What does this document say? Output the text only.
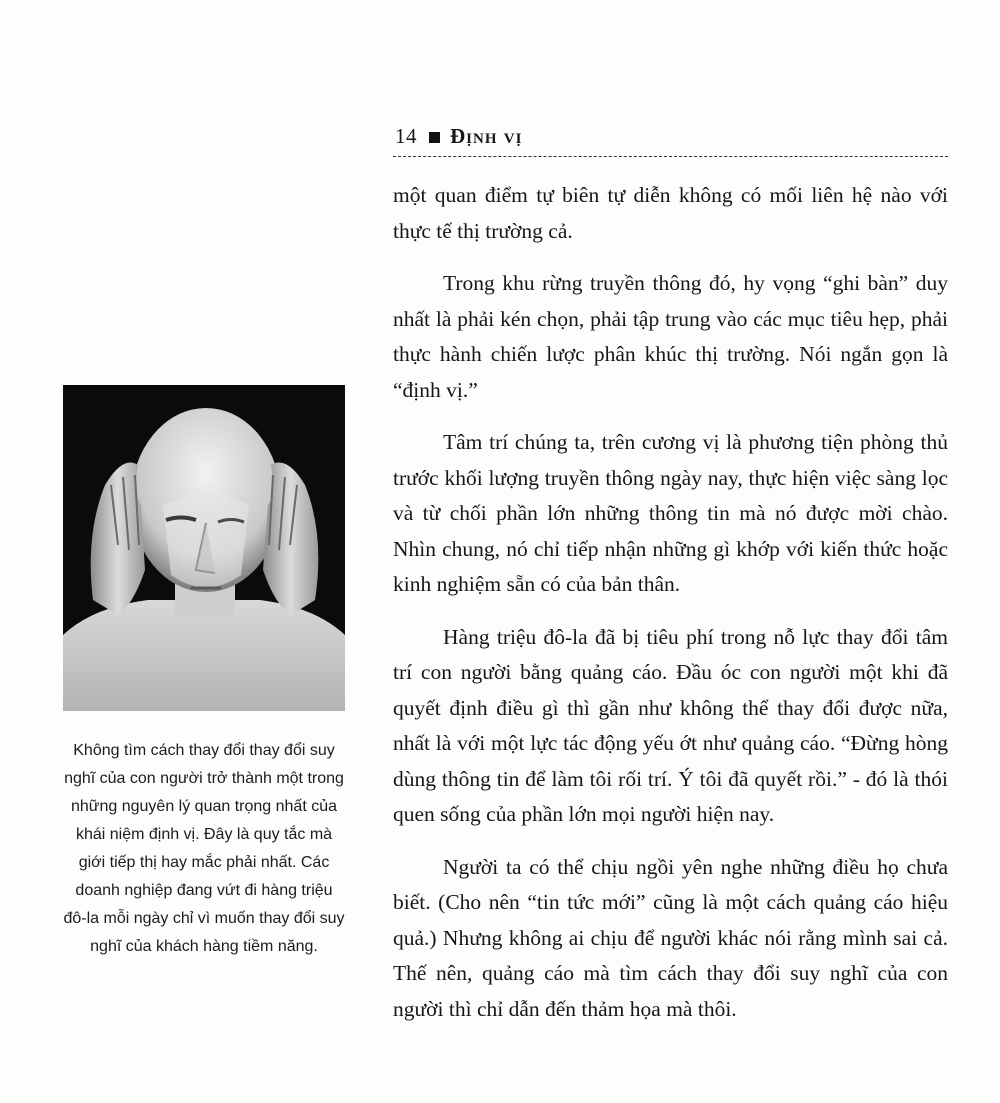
14 Định vị

một quan điểm tự biên tự diễn không có mối liên hệ nào với thực tế thị trường cả.

Trong khu rừng truyền thông đó, hy vọng “ghi bàn” duy nhất là phải kén chọn, phải tập trung vào các mục tiêu hẹp, phải thực hành chiến lược phân khúc thị trường. Nói ngắn gọn là “định vị.”

Tâm trí chúng ta, trên cương vị là phương tiện phòng thủ trước khối lượng truyền thông ngày nay, thực hiện việc sàng lọc và từ chối phần lớn những thông tin mà nó được mời chào. Nhìn chung, nó chỉ tiếp nhận những gì khớp với kiến thức hoặc kinh nghiệm sẵn có của bản thân.

Hàng triệu đô-la đã bị tiêu phí trong nỗ lực thay đổi tâm trí con người bằng quảng cáo. Đầu óc con người một khi đã quyết định điều gì thì gần như không thể thay đổi được nữa, nhất là với một lực tác động yếu ớt như quảng cáo. “Đừng hòng dùng thông tin để làm tôi rối trí. Ý tôi đã quyết rồi.” - đó là thói quen sống của phần lớn mọi người hiện nay.

Người ta có thể chịu ngồi yên nghe những điều họ chưa biết. (Cho nên “tin tức mới” cũng là một cách quảng cáo hiệu quả.) Nhưng không ai chịu để người khác nói rằng mình sai cả. Thế nên, quảng cáo mà tìm cách thay đổi suy nghĩ của con người thì chỉ dẫn đến thảm họa mà thôi.

Không tìm cách thay đổi thay đổi suy nghĩ của con người trở thành một trong những nguyên lý quan trọng nhất của khái niệm định vị. Đây là quy tắc mà giới tiếp thị hay mắc phải nhất. Các doanh nghiệp đang vứt đi hàng triệu đô-la mỗi ngày chỉ vì muốn thay đổi suy nghĩ của khách hàng tiềm năng.
